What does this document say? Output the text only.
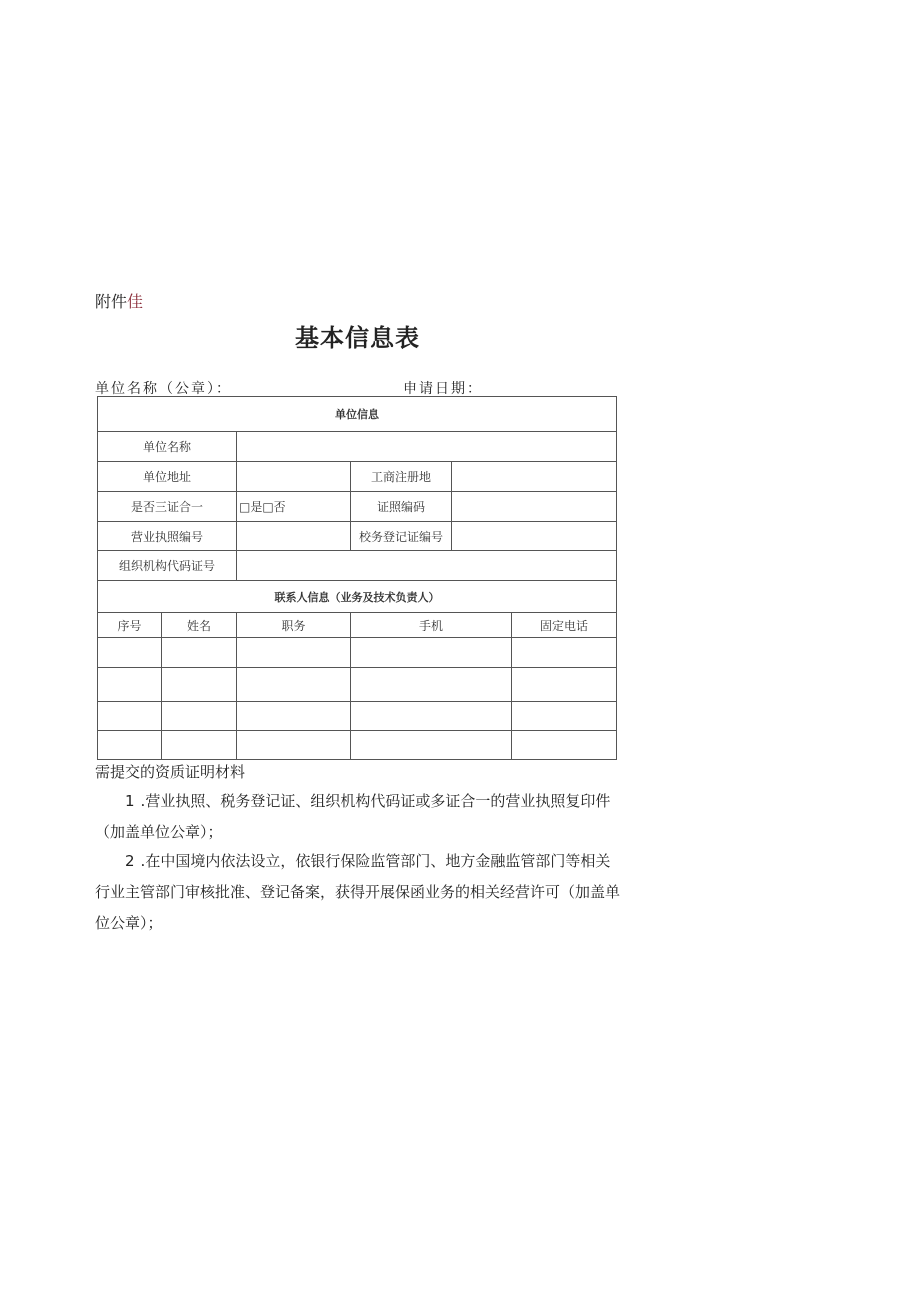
附件佳
基本信息表
单位名称（公章）：	申请日期：
单位信息					
单位名称					
单位地址			工商注册地		
是否三证合一		□是□否	证照编码		
营业执照编号			校务登记证编号		
组织机构代码证号					
联系人信息（业务及技术负责人）					
序号	姓名	职务	手机		固定电话

需提交的资质证明材料

1 .营业执照、税务登记证、组织机构代码证或多证合一的营业执照复印件（加盖单位公章）；

2 .在中国境内依法设立，依银行保险监管部门、地方金融监管部门等相关行业主管部门审核批准、登记备案，获得开展保函业务的相关经营许可（加盖单位公章）；
